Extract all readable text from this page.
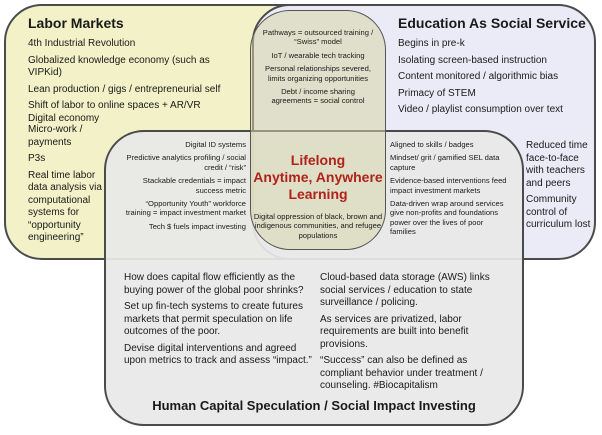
Labor Markets

4th Industrial Revolution

Globalized knowledge economy (such as VIPKid)

Lean production / gigs / entrepreneurial self

Shift of labor to online spaces + AR/VR

Digital economy

Micro-work / payments

P3s

Real time labor data analysis via computational systems for “opportunity engineering”

Education As Social Service

Begins in pre-k

Isolating screen-based instruction

Content monitored / algorithmic bias

Primacy of STEM

Video / playlist consumption over text

Reduced time face-to-face with teachers and peers

Community control of curriculum lost

Pathways = outsourced training / “Swiss” model

IoT / wearable tech tracking

Personal relationships severed, limits organizing opportunities

Debt / income sharing agreements = social control

Digital ID systems

Predictive analytics profiling / social credit / “risk”

Stackable credentials = impact success metric

“Opportunity Youth” workforce training = impact investment market

Tech $ fuels impact investing

Lifelong
Anytime, Anywhere
Learning
Digital oppression of black, brown and indigenous communities, and refugee populations

Aligned to skills / badges

Mindset/ grit / gamified SEL data capture

Evidence-based interventions feed impact investment markets

Data-driven wrap around services give non-profits and foundations power over the lives of poor families

How does capital flow efficiently as the buying power of the global poor shrinks?

Set up fin-tech systems to create futures markets that permit speculation on life outcomes of the poor.

Devise digital interventions and agreed upon metrics to track and assess “impact.”

Cloud-based data storage (AWS) links social services / education to state surveillance / policing.

As services are privatized, labor requirements are built into benefit provisions.

“Success” can also be defined as compliant behavior under treatment / counseling. #Biocapitalism

Human Capital Speculation / Social Impact Investing
